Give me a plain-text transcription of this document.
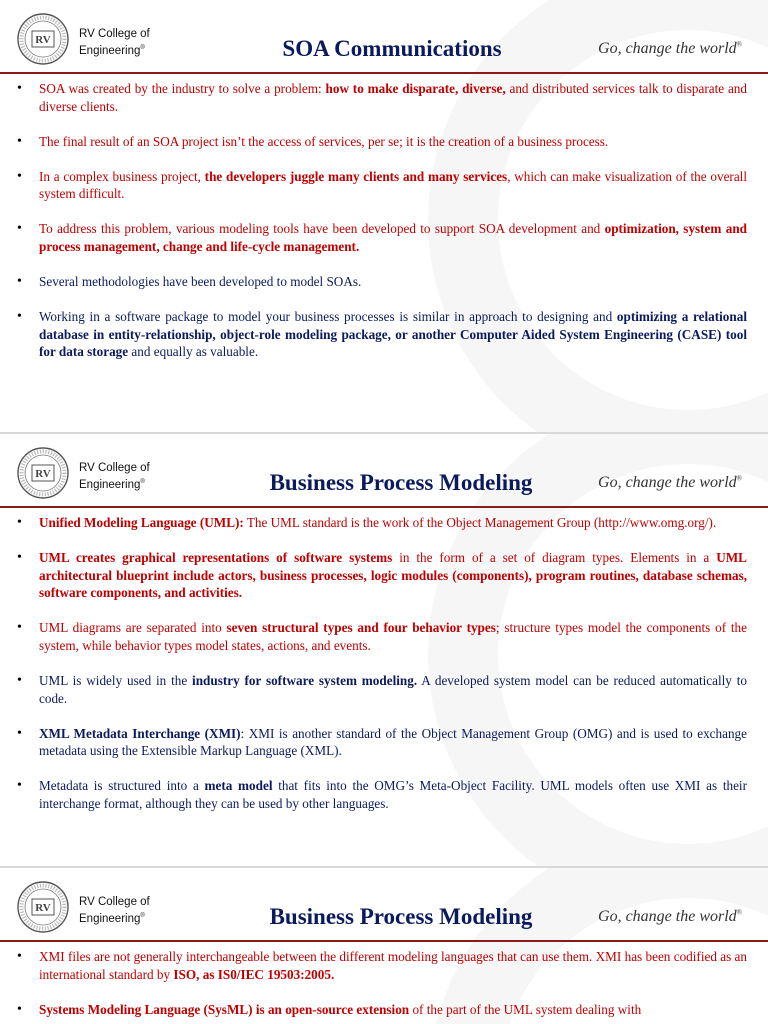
RV RV College of
Engineering®	SOA Communications	Go, change the world®
• SOA was created by the industry to solve a problem: how to make disparate, diverse, and distributed services talk to disparate and diverse clients.
• The final result of an SOA project isn’t the access of services, per se; it is the creation of a business process.
• In a complex business project, the developers juggle many clients and many services, which can make visualization of the overall system difficult.
• To address this problem, various modeling tools have been developed to support SOA development and optimization, system and process management, change and life-cycle management.
• Several methodologies have been developed to model SOAs.
• Working in a software package to model your business processes is similar in approach to designing and optimizing a relational database in entity-relationship, object-role modeling package, or another Computer Aided System Engineering (CASE) tool for data storage and equally as valuable.
RV RV College of
Engineering®	Business Process Modeling	Go, change the world®
• Unified Modeling Language (UML): The UML standard is the work of the Object Management Group (http://www.omg.org/).
• UML creates graphical representations of software systems in the form of a set of diagram types. Elements in a UML architectural blueprint include actors, business processes, logic modules (components), program routines, database schemas, software components, and activities.
• UML diagrams are separated into seven structural types and four behavior types; structure types model the components of the system, while behavior types model states, actions, and events.
• UML is widely used in the industry for software system modeling. A developed system model can be reduced automatically to code.
• XML Metadata Interchange (XMI): XMI is another standard of the Object Management Group (OMG) and is used to exchange metadata using the Extensible Markup Language (XML).
• Metadata is structured into a meta model that fits into the OMG’s Meta-Object Facility. UML models often use XMI as their interchange format, although they can be used by other languages.
RV RV College of
Engineering®	Business Process Modeling	Go, change the world®
• XMI files are not generally interchangeable between the different modeling languages that can use them. XMI has been codified as an international standard by ISO, as IS0/IEC 19503:2005.
• Systems Modeling Language (SysML) is an open-source extension of the part of the UML system dealing with
